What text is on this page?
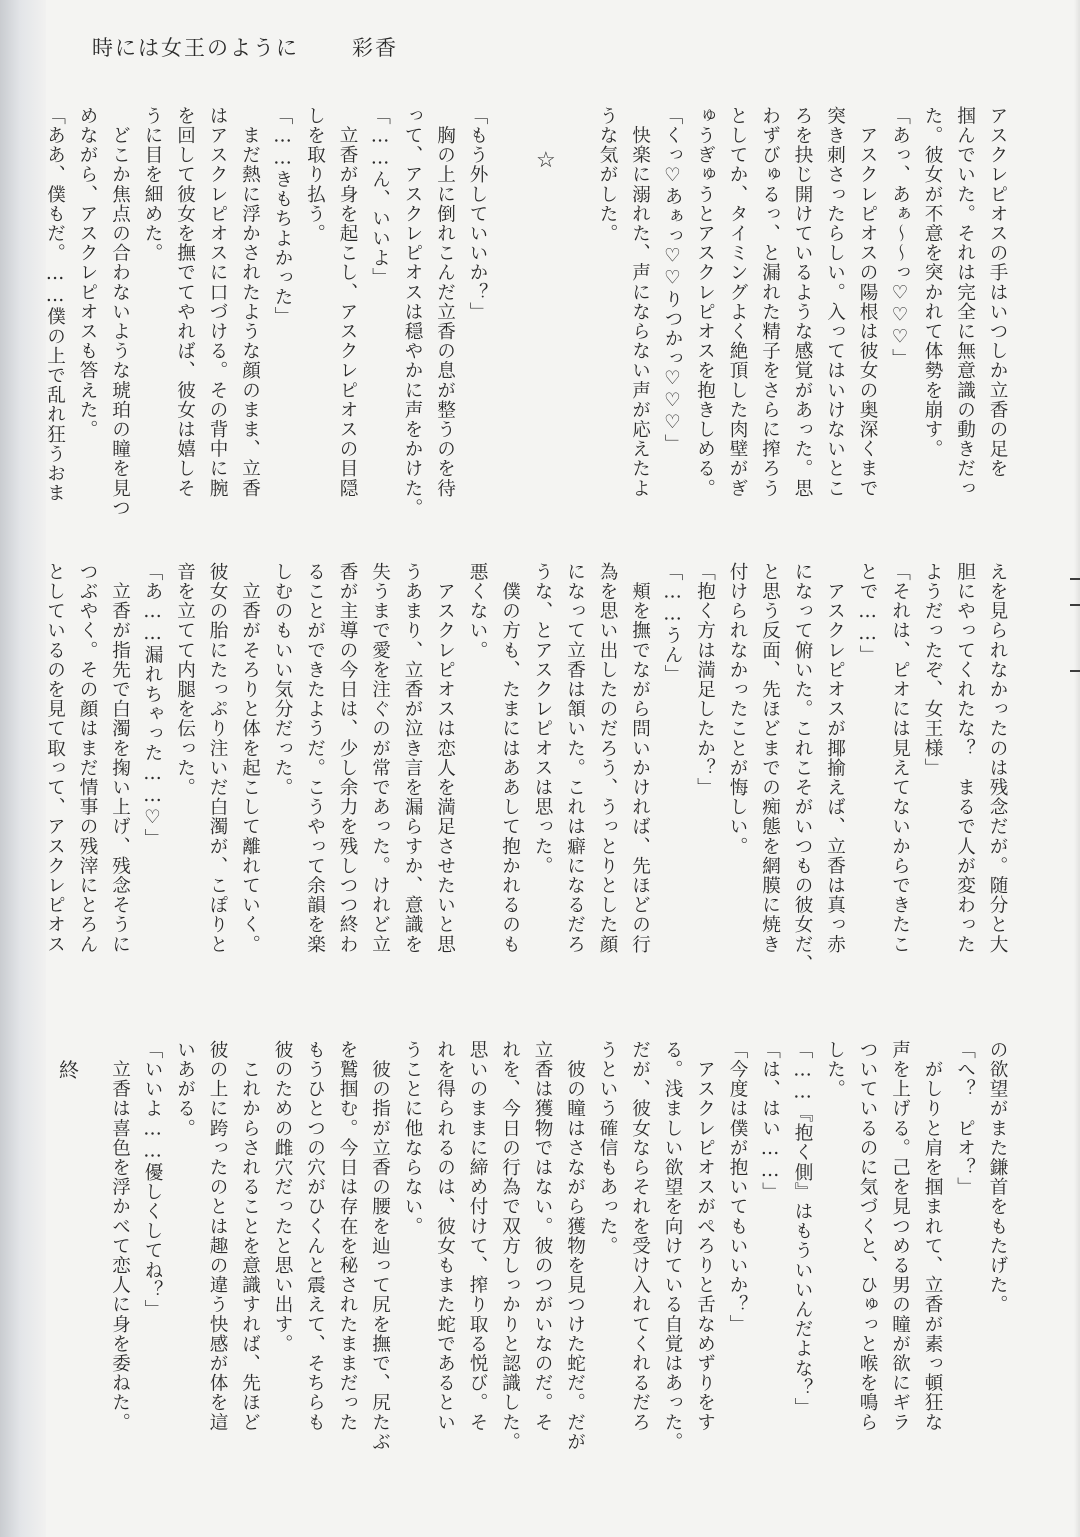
時には女王のように	彩香
アスクレピオスの手はいつしか立香の足を
掴んでいた。それは完全に無意識の動きだっ
た。彼女が不意を突かれて体勢を崩す。
「あっ、あぁ〜〜っ♡♡♡」
　アスクレピオスの陽根は彼女の奥深くまで
突き刺さったらしい。入ってはいけないとこ
ろを抉じ開けているような感覚があった。思
わずびゅるっ、と漏れた精子をさらに搾ろう
としてか、タイミングよく絶頂した肉壁がぎ
ゅうぎゅうとアスクレピオスを抱きしめる。
「くっ♡あぁっ♡♡りつかっ♡♡♡」
　快楽に溺れた、声にならない声が応えたよ
うな気がした。
☆
「もう外していいか？」
　胸の上に倒れこんだ立香の息が整うのを待
って、アスクレピオスは穏やかに声をかけた。
「……ん、いいよ」
　立香が身を起こし、アスクレピオスの目隠
しを取り払う。
「……きもちよかった」
　まだ熱に浮かされたような顔のまま、立香
はアスクレピオスに口づける。その背中に腕
を回して彼女を撫でてやれば、彼女は嬉しそ
うに目を細めた。
　どこか焦点の合わないような琥珀の瞳を見つ
めながら、アスクレピオスも答えた。
「ああ、僕もだ。……僕の上で乱れ狂うおま
えを見られなかったのは残念だが。随分と大
胆にやってくれたな？　まるで人が変わった
ようだったぞ、女王様」
「それは、ピオには見えてないからできたこ
とで……」
　アスクレピオスが揶揄えば、立香は真っ赤
になって俯いた。これこそがいつもの彼女だ、
と思う反面、先ほどまでの痴態を網膜に焼き
付けられなかったことが悔しい。
「抱く方は満足したか？」
「……うん」
　頬を撫でながら問いかければ、先ほどの行
為を思い出したのだろう、うっとりとした顔
になって立香は頷いた。これは癖になるだろ
うな、とアスクレピオスは思った。
　僕の方も、たまにはああして抱かれるのも
悪くない。
　アスクレピオスは恋人を満足させたいと思
うあまり、立香が泣き言を漏らすか、意識を
失うまで愛を注ぐのが常であった。けれど立
香が主導の今日は、少し余力を残しつつ終わ
ることができたようだ。こうやって余韻を楽
しむのもいい気分だった。
　立香がそろりと体を起こして離れていく。
彼女の胎にたっぷり注いだ白濁が、こぽりと
音を立てて内腿を伝った。
「あ……漏れちゃった……♡」
　立香が指先で白濁を掬い上げ、残念そうに
つぶやく。その顔はまだ情事の残滓にとろん
としているのを見て取って、アスクレピオス
の欲望がまた鎌首をもたげた。
「へ？　ピオ？」
　がしりと肩を掴まれて、立香が素っ頓狂な
声を上げる。己を見つめる男の瞳が欲にギラ
ついているのに気づくと、ひゅっと喉を鳴ら
した。
「……『抱く側』はもういいんだよな？」
「は、はい……」
「今度は僕が抱いてもいいか？」
　アスクレピオスがぺろりと舌なめずりをす
る。浅ましい欲望を向けている自覚はあった。
だが、彼女ならそれを受け入れてくれるだろ
うという確信もあった。
　彼の瞳はさながら獲物を見つけた蛇だ。だが
立香は獲物ではない。彼のつがいなのだ。そ
れを、今日の行為で双方しっかりと認識した。
思いのままに締め付けて、搾り取る悦び。そ
れを得られるのは、彼女もまた蛇であるとい
うことに他ならない。
　彼の指が立香の腰を辿って尻を撫で、尻たぶ
を鷲掴む。今日は存在を秘されたままだった
もうひとつの穴がひくんと震えて、そちらも
彼のための雌穴だったと思い出す。
　これからされることを意識すれば、先ほど
彼の上に跨ったのとは趣の違う快感が体を這
いあがる。
「いいよ……優しくしてね？」
　立香は喜色を浮かべて恋人に身を委ねた。
終
